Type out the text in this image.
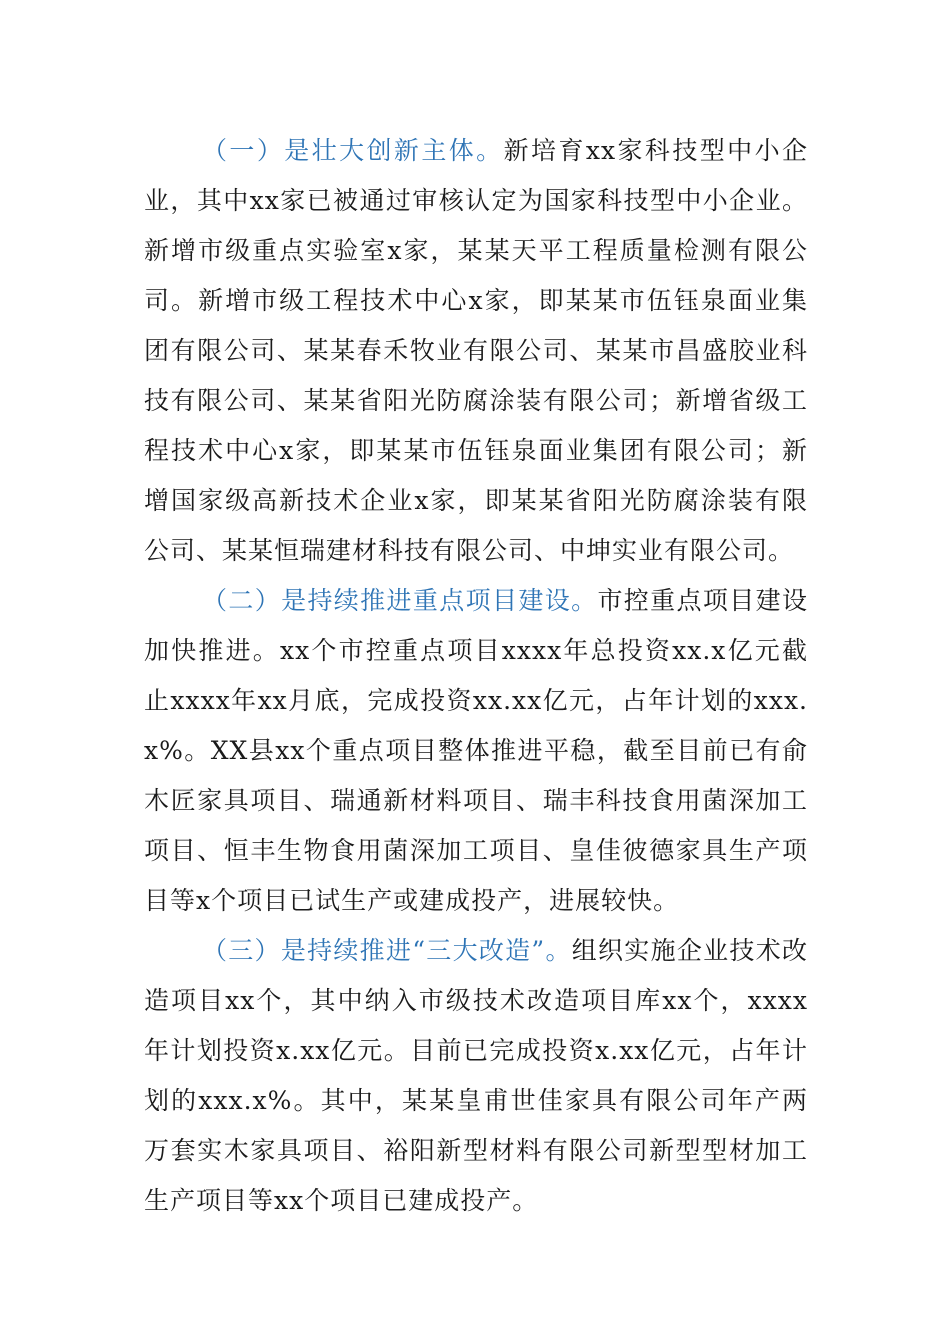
（一）是壮大创新主体。新培育xx家科技型中小企业，其中xx家已被通过审核认定为国家科技型中小企业。新增市级重点实验室x家，某某天平工程质量检测有限公司。新增市级工程技术中心x家，即某某市伍钰泉面业集团有限公司、某某春禾牧业有限公司、某某市昌盛胶业科技有限公司、某某省阳光防腐涂装有限公司；新增省级工程技术中心x家，即某某市伍钰泉面业集团有限公司；新增国家级高新技术企业x家，即某某省阳光防腐涂装有限公司、某某恒瑞建材科技有限公司、中坤实业有限公司。

（二）是持续推进重点项目建设。市控重点项目建设加快推进。xx个市控重点项目xxxx年总投资xx.x亿元截止xxxx年xx月底，完成投资xx.xx亿元，占年计划的xxx.x%。XX县xx个重点项目整体推进平稳，截至目前已有俞木匠家具项目、瑞通新材料项目、瑞丰科技食用菌深加工项目、恒丰生物食用菌深加工项目、皇佳彼德家具生产项目等x个项目已试生产或建成投产，进展较快。

（三）是持续推进“三大改造”。组织实施企业技术改造项目xx个，其中纳入市级技术改造项目库xx个，xxxx年计划投资x.xx亿元。目前已完成投资x.xx亿元，占年计划的xxx.x%。其中，某某皇甫世佳家具有限公司年产两万套实木家具项目、裕阳新型材料有限公司新型型材加工生产项目等xx个项目已建成投产。
